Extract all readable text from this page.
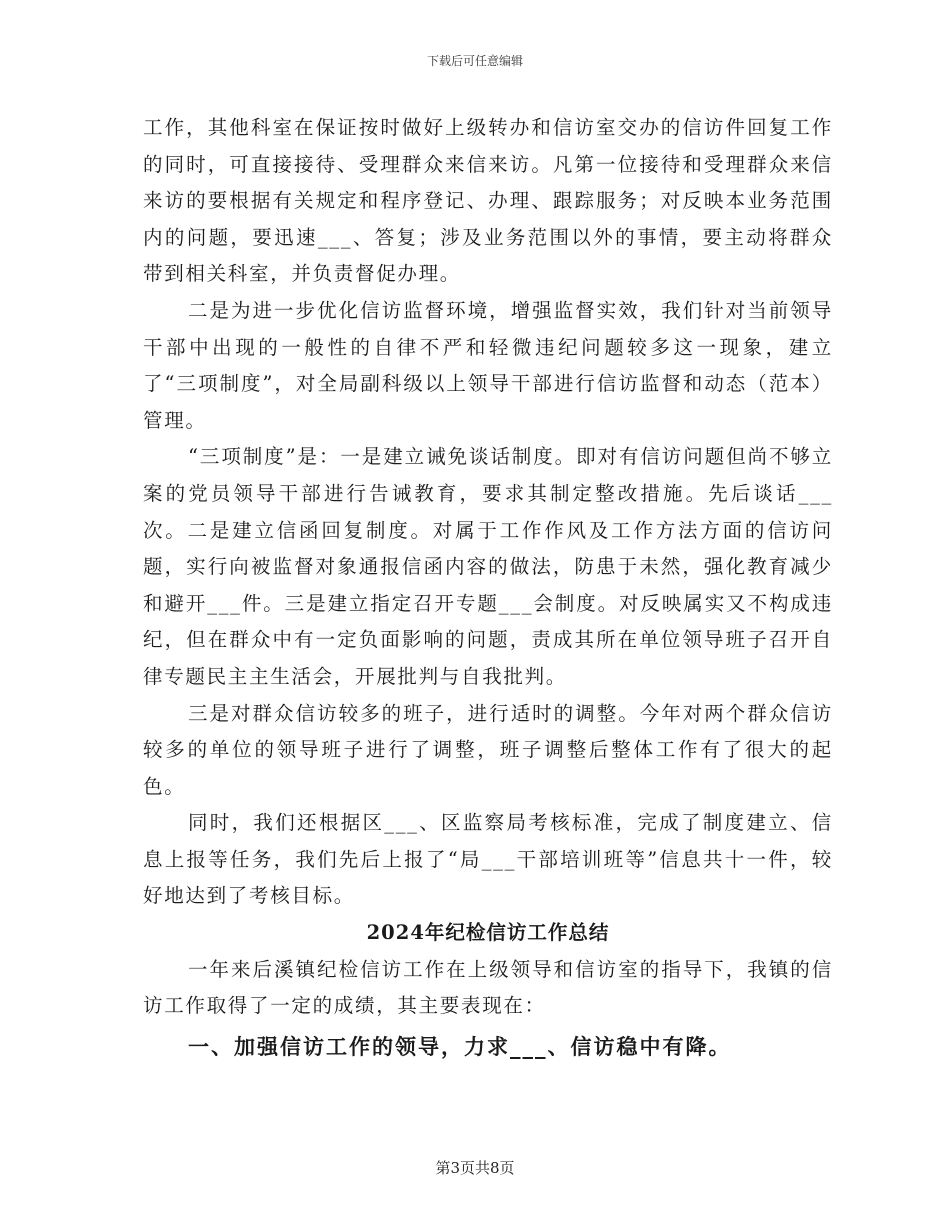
下载后可任意编辑

工作，其他科室在保证按时做好上级转办和信访室交办的信访件回复工作的同时，可直接接待、受理群众来信来访。凡第一位接待和受理群众来信来访的要根据有关规定和程序登记、办理、跟踪服务；对反映本业务范围内的问题，要迅速___、答复；涉及业务范围以外的事情，要主动将群众带到相关科室，并负责督促办理。

二是为进一步优化信访监督环境，增强监督实效，我们针对当前领导干部中出现的一般性的自律不严和轻微违纪问题较多这一现象，建立了“三项制度”，对全局副科级以上领导干部进行信访监督和动态（范本）管理。

“三项制度”是：一是建立诫免谈话制度。即对有信访问题但尚不够立案的党员领导干部进行告诫教育，要求其制定整改措施。先后谈话___次。二是建立信函回复制度。对属于工作作风及工作方法方面的信访问题，实行向被监督对象通报信函内容的做法，防患于未然，强化教育减少和避开___件。三是建立指定召开专题___会制度。对反映属实又不构成违纪，但在群众中有一定负面影响的问题，责成其所在单位领导班子召开自律专题民主主生活会，开展批判与自我批判。

三是对群众信访较多的班子，进行适时的调整。今年对两个群众信访较多的单位的领导班子进行了调整，班子调整后整体工作有了很大的起色。

同时，我们还根据区___、区监察局考核标准，完成了制度建立、信息上报等任务，我们先后上报了“局___干部培训班等”信息共十一件，较好地达到了考核目标。

2024年纪检信访工作总结

一年来后溪镇纪检信访工作在上级领导和信访室的指导下，我镇的信访工作取得了一定的成绩，其主要表现在：

一、加强信访工作的领导，力求___、信访稳中有降。

第3页共8页
